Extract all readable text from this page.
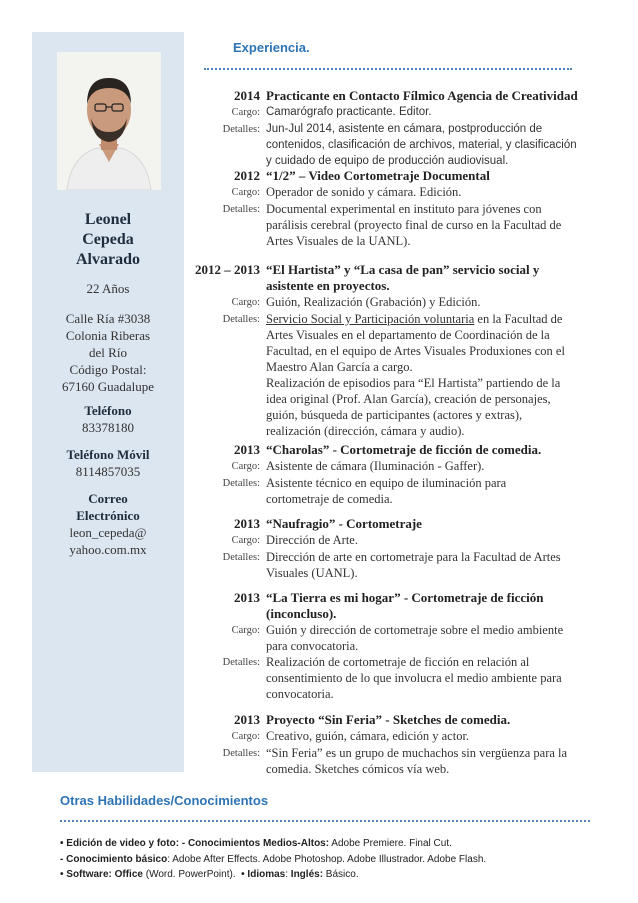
Leonel
Cepeda
Alvarado
22 Años
Calle Ría #3038
Colonia Riberas
del Río
Código Postal:
67160 Guadalupe
Teléfono
83378180
Teléfono Móvil
8114857035
Correo
Electrónico
leon_cepeda@
yahoo.com.mx
Experiencia.
2014 Practicante en Contacto Fílmico Agencia de Creatividad
Cargo: Camarógrafo practicante. Editor.
Detalles: Jun-Jul 2014, asistente en cámara, postproducción de
contenidos, clasificación de archivos, material, y clasificación
y cuidado de equipo de producción audiovisual.
2012 “1/2” – Video Cortometraje Documental
Cargo: Operador de sonido y cámara. Edición.
Detalles: Documental experimental en instituto para jóvenes con
parálisis cerebral (proyecto final de curso en la Facultad de
Artes Visuales de la UANL).
2012 – 2013 “El Hartista” y “La casa de pan” servicio social y
asistente en proyectos.
Cargo: Guión, Realización (Grabación) y Edición.
Detalles: Servicio Social y Participación voluntaria en la Facultad de
Artes Visuales en el departamento de Coordinación de la
Facultad, en el equipo de Artes Visuales Produxiones con el
Maestro Alan García a cargo.
Realización de episodios para “El Hartista” partiendo de la
idea original (Prof. Alan García), creación de personajes,
guión, búsqueda de participantes (actores y extras),
realización (dirección, cámara y audio).
2013 “Charolas” - Cortometraje de ficción de comedia.
Cargo: Asistente de cámara (Iluminación - Gaffer).
Detalles: Asistente técnico en equipo de iluminación para
cortometraje de comedia.
2013 “Naufragio” - Cortometraje
Cargo: Dirección de Arte.
Detalles: Dirección de arte en cortometraje para la Facultad de Artes
Visuales (UANL).
2013 “La Tierra es mi hogar” - Cortometraje de ficción
(inconcluso).
Cargo: Guión y dirección de cortometraje sobre el medio ambiente
para convocatoria.
Detalles: Realización de cortometraje de ficción en relación al
consentimiento de lo que involucra el medio ambiente para
convocatoria.
2013 Proyecto “Sin Feria” - Sketches de comedia.
Cargo: Creativo, guión, cámara, edición y actor.
Detalles: “Sin Feria” es un grupo de muchachos sin vergüenza para la
comedia. Sketches cómicos vía web.
Otras Habilidades/Conocimientos
• Edición de video y foto: - Conocimientos Medios-Altos: Adobe Premiere. Final Cut.
- Conocimiento básico: Adobe After Effects. Adobe Photoshop. Adobe Illustrador. Adobe Flash.
• Software: Office (Word. PowerPoint).  • Idiomas: Inglés: Básico.
